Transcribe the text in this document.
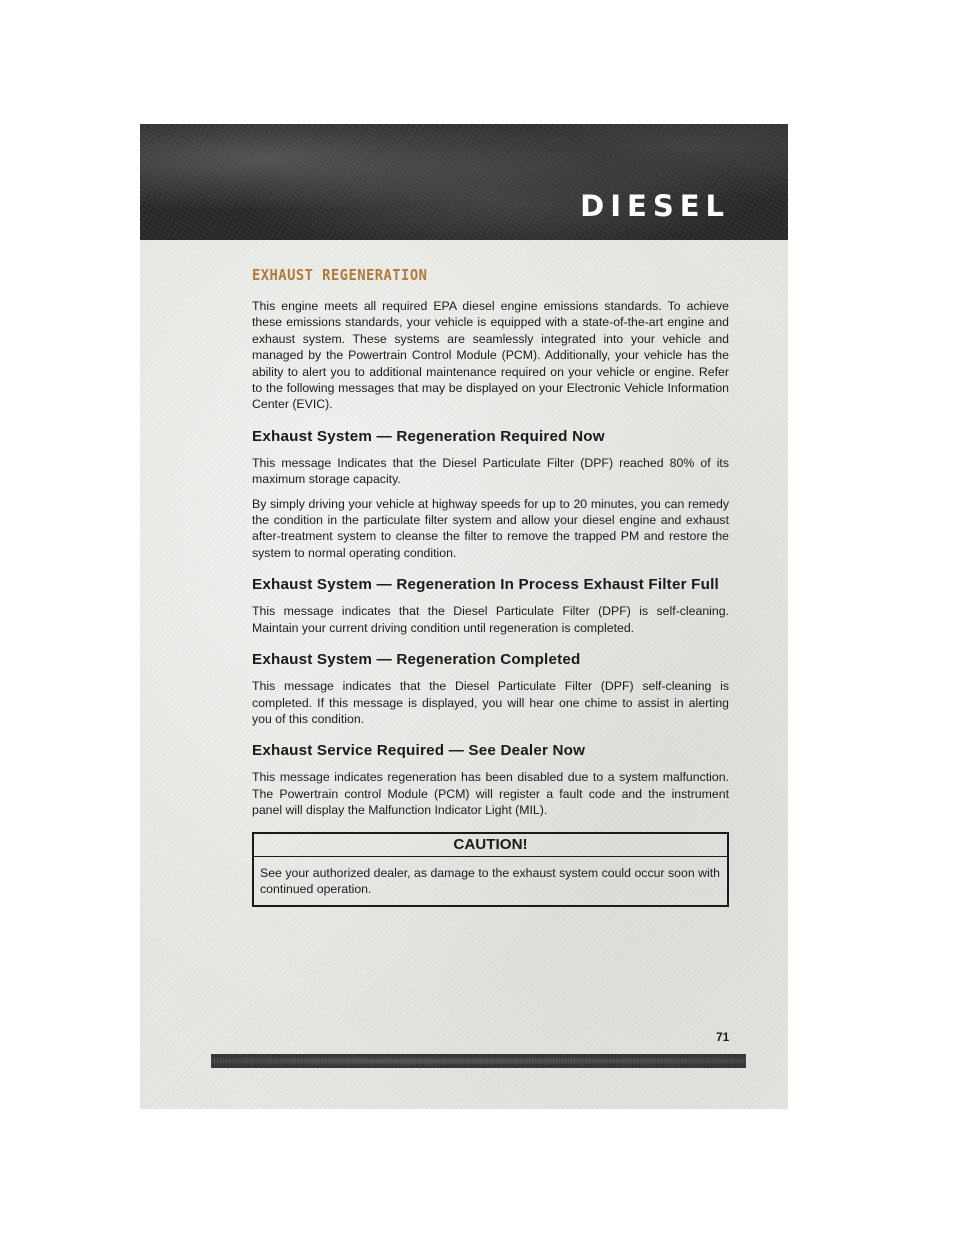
DIESEL
EXHAUST REGENERATION

This engine meets all required EPA diesel engine emissions standards. To achieve these emissions standards, your vehicle is equipped with a state-of-the-art engine and exhaust system. These systems are seamlessly integrated into your vehicle and managed by the Powertrain Control Module (PCM). Additionally, your vehicle has the ability to alert you to additional maintenance required on your vehicle or engine. Refer to the following messages that may be displayed on your Electronic Vehicle Information Center (EVIC).

Exhaust System — Regeneration Required Now

This message Indicates that the Diesel Particulate Filter (DPF) reached 80% of its maximum storage capacity.

By simply driving your vehicle at highway speeds for up to 20 minutes, you can remedy the condition in the particulate filter system and allow your diesel engine and exhaust after-treatment system to cleanse the filter to remove the trapped PM and restore the system to normal operating condition.

Exhaust System — Regeneration In Process Exhaust Filter Full

This message indicates that the Diesel Particulate Filter (DPF) is self-cleaning. Maintain your current driving condition until regeneration is completed.

Exhaust System — Regeneration Completed

This message indicates that the Diesel Particulate Filter (DPF) self-cleaning is completed. If this message is displayed, you will hear one chime to assist in alerting you of this condition.

Exhaust Service Required — See Dealer Now

This message indicates regeneration has been disabled due to a system malfunction. The Powertrain control Module (PCM) will register a fault code and the instrument panel will display the Malfunction Indicator Light (MIL).

CAUTION!

See your authorized dealer, as damage to the exhaust system could occur soon with continued operation.

71
